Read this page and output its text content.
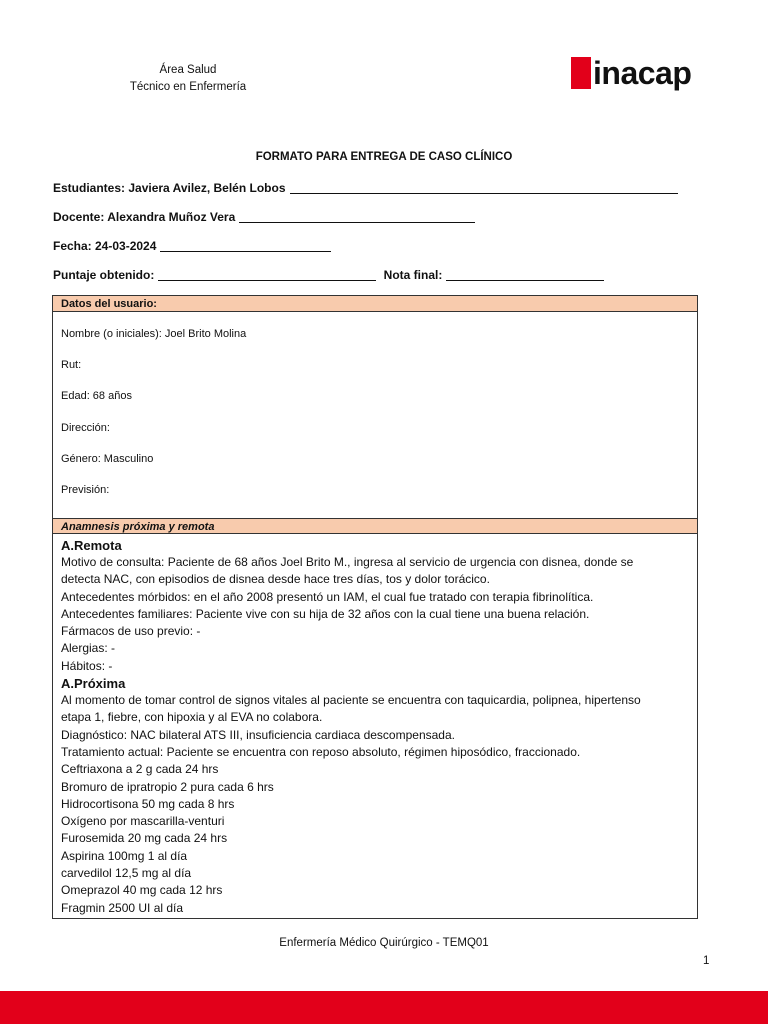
Área Salud
Técnico en Enfermería	inacap
FORMATO PARA ENTREGA DE CASO CLÍNICO
Estudiantes: Javiera Avilez, Belén Lobos
Docente: Alexandra Muñoz Vera
Fecha: 24-03-2024
Puntaje obtenido:	Nota final:
Datos del usuario:
Nombre (o iniciales): Joel Brito Molina
Rut:
Edad: 68 años
Dirección:
Género: Masculino
Previsión:
Anamnesis próxima y remota
A.Remota
Motivo de consulta: Paciente de 68 años Joel Brito M., ingresa al servicio de urgencia con disnea, donde se
detecta NAC, con episodios de disnea desde hace tres días, tos y dolor torácico.
Antecedentes mórbidos: en el año 2008 presentó un IAM, el cual fue tratado con terapia fibrinolítica.
Antecedentes familiares: Paciente vive con su hija de 32 años con la cual tiene una buena relación.
Fármacos de uso previo: -
Alergias: -
Hábitos: -
A.Próxima
Al momento de tomar control de signos vitales al paciente se encuentra con taquicardia, polipnea, hipertenso
etapa 1, fiebre, con hipoxia y al EVA no colabora.
Diagnóstico: NAC bilateral ATS III, insuficiencia cardiaca descompensada.
Tratamiento actual: Paciente se encuentra con reposo absoluto, régimen hiposódico, fraccionado.
Ceftriaxona a 2 g cada 24 hrs
Bromuro de ipratropio 2 pura cada 6 hrs
Hidrocortisona 50 mg cada 8 hrs
Oxígeno por mascarilla-venturi
Furosemida 20 mg cada 24 hrs
Aspirina 100mg 1 al día
carvedilol 12,5 mg al día
Omeprazol 40 mg cada 12 hrs
Fragmin 2500 UI al día
Enfermería Médico Quirúrgico - TEMQ01
1
